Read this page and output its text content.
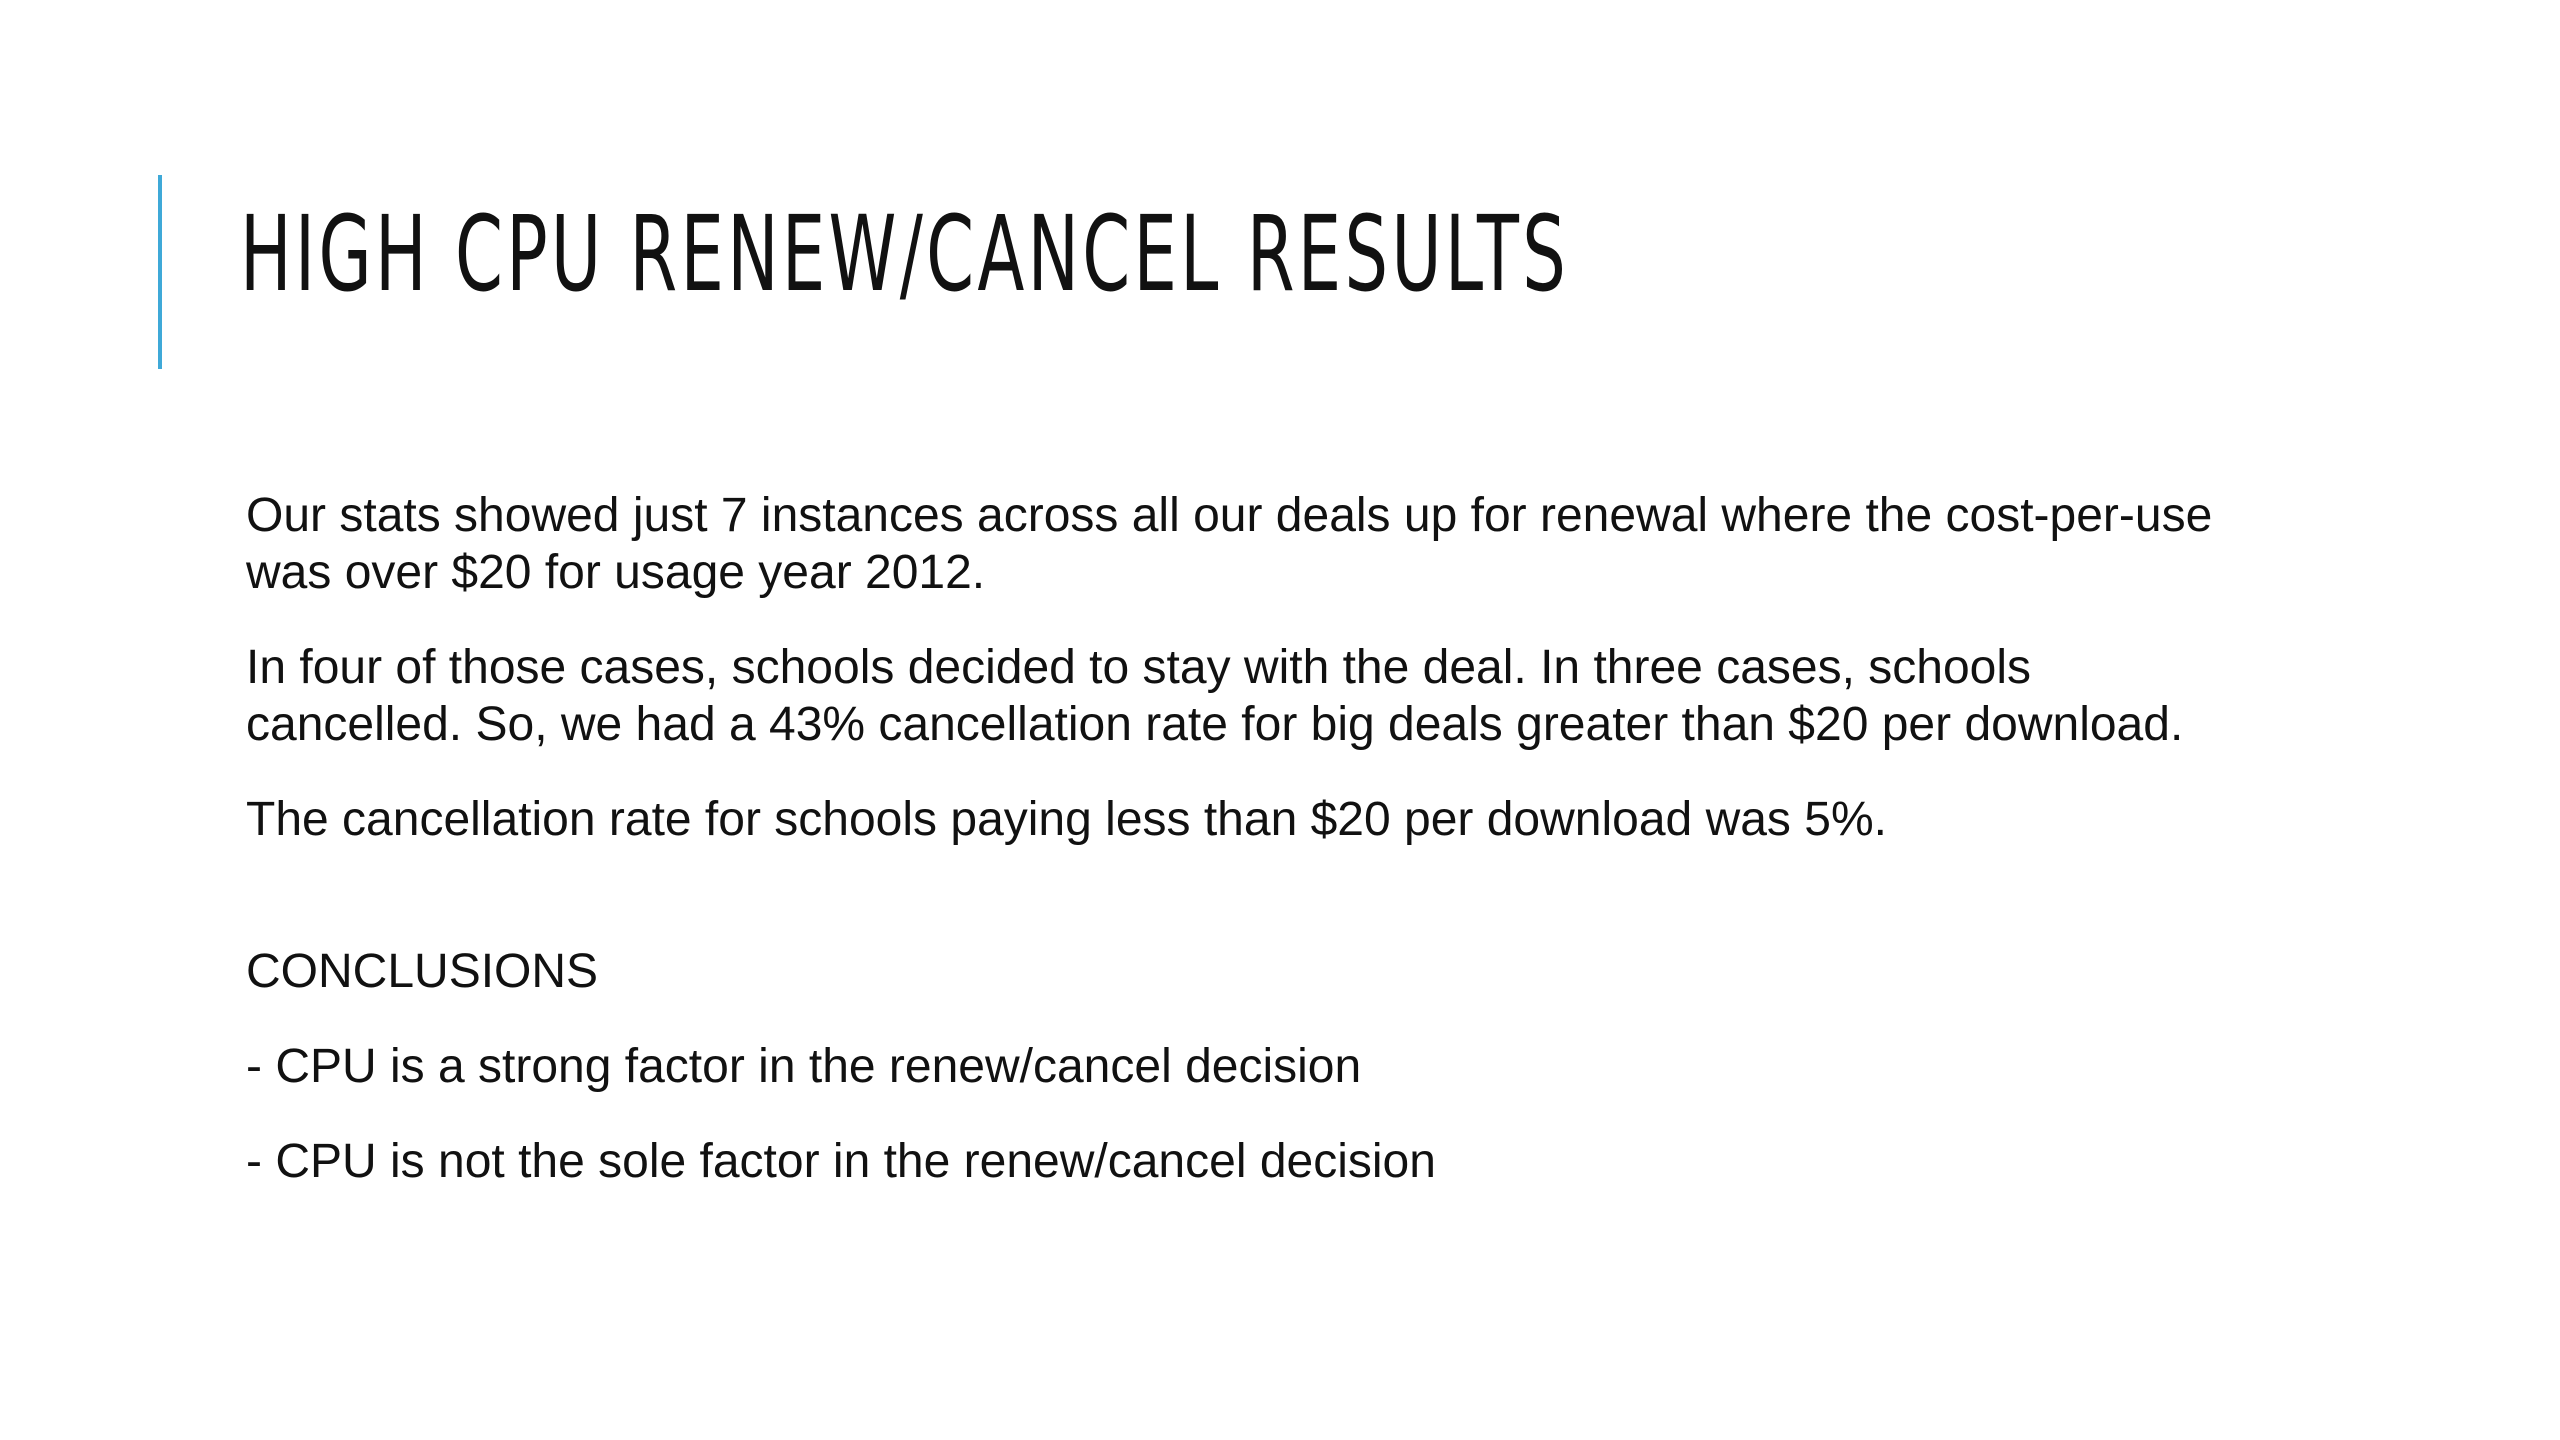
HIGH CPU RENEW/CANCEL RESULTS

Our stats showed just 7 instances across all our deals up for renewal where the cost-per-use was over $20 for usage year 2012.

In four of those cases, schools decided to stay with the deal. In three cases, schools cancelled. So, we had a 43% cancellation rate for big deals greater than $20 per download.

The cancellation rate for schools paying less than $20 per download was 5%.

CONCLUSIONS

- CPU is a strong factor in the renew/cancel decision

- CPU is not the sole factor in the renew/cancel decision
